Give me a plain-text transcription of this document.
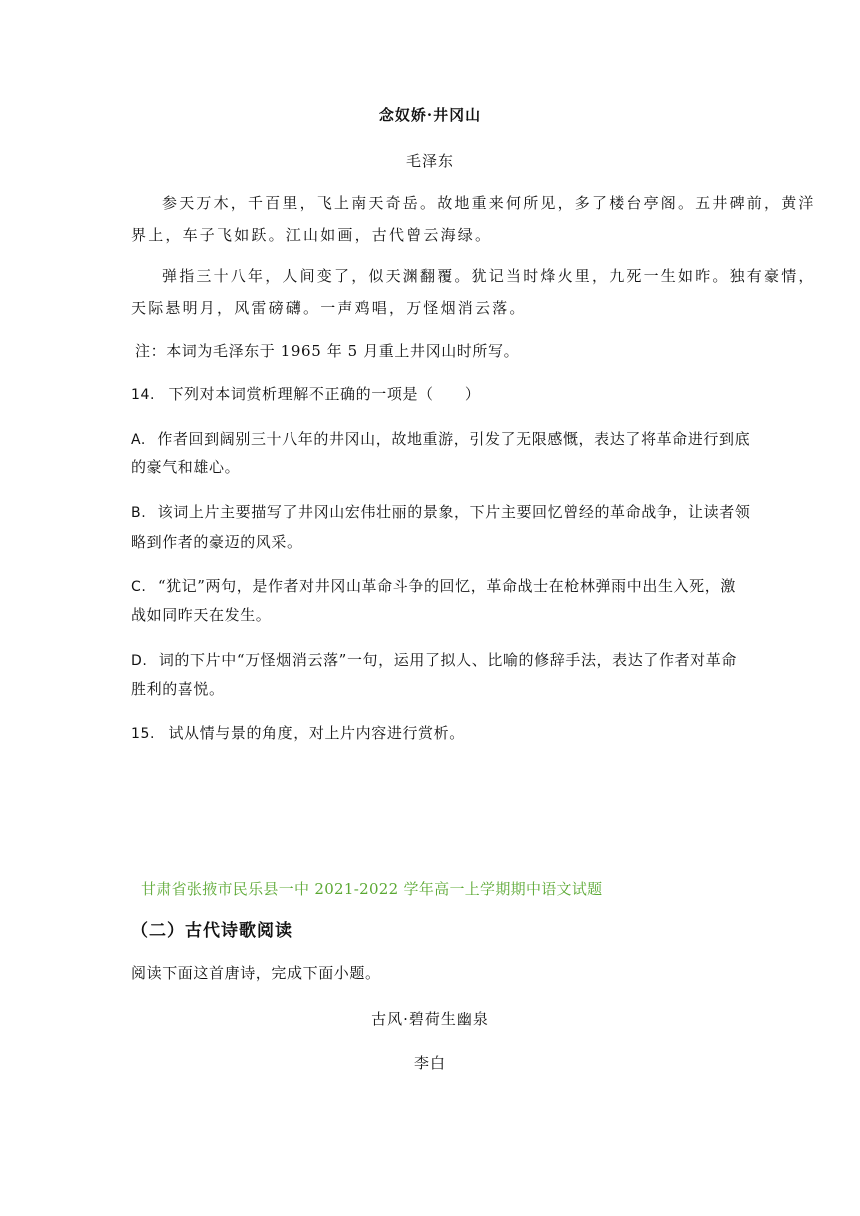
念奴娇·井冈山
毛泽东
参天万木，千百里，飞上南天奇岳。故地重来何所见，多了楼台亭阁。五井碑前，黄洋
界上，车子飞如跃。江山如画，古代曾云海绿。
弹指三十八年，人间变了，似天渊翻覆。犹记当时烽火里，九死一生如昨。独有豪情，
天际悬明月，风雷磅礴。一声鸡唱，万怪烟消云落。
注：本词为毛泽东于 1965 年 5 月重上井冈山时所写。
14. 下列对本词赏析理解不正确的一项是（　　）
A. 作者回到阔别三十八年的井冈山，故地重游，引发了无限感慨，表达了将革命进行到底
的豪气和雄心。
B. 该词上片主要描写了井冈山宏伟壮丽的景象，下片主要回忆曾经的革命战争，让读者领
略到作者的豪迈的风采。
C. “犹记”两句，是作者对井冈山革命斗争的回忆，革命战士在枪林弹雨中出生入死，激
战如同昨天在发生。
D. 词的下片中“万怪烟消云落”一句，运用了拟人、比喻的修辞手法，表达了作者对革命
胜利的喜悦。
15. 试从情与景的角度，对上片内容进行赏析。
甘肃省张掖市民乐县一中 2021-2022 学年高一上学期期中语文试题
（二）古代诗歌阅读
阅读下面这首唐诗，完成下面小题。
古风·碧荷生幽泉
李白
